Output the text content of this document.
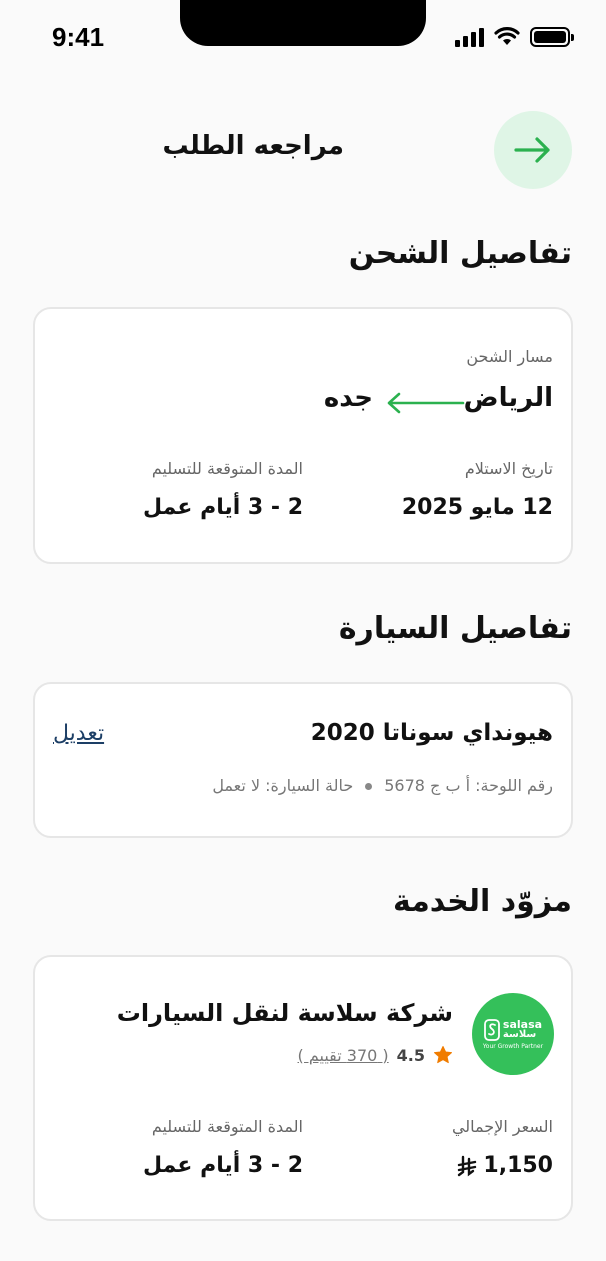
9:41
مراجعه الطلب
تفاصيل الشحن
مسار الشحن
الرياض
جده
تاريخ الاستلام
12 مايو 2025
المدة المتوقعة للتسليم
2 - 3 أيام عمل
تفاصيل السيارة
هيونداي سوناتا 2020
تعديل
رقم اللوحة: أ ب ج 5678حالة السيارة: لا تعمل
مزوّد الخدمة
salasa
سلاسة
Your Growth Partner
شركة سلاسة لنقل السيارات
4.5
( 370 تقييم )
السعر الإجمالي
1,150
المدة المتوقعة للتسليم
2 - 3 أيام عمل
